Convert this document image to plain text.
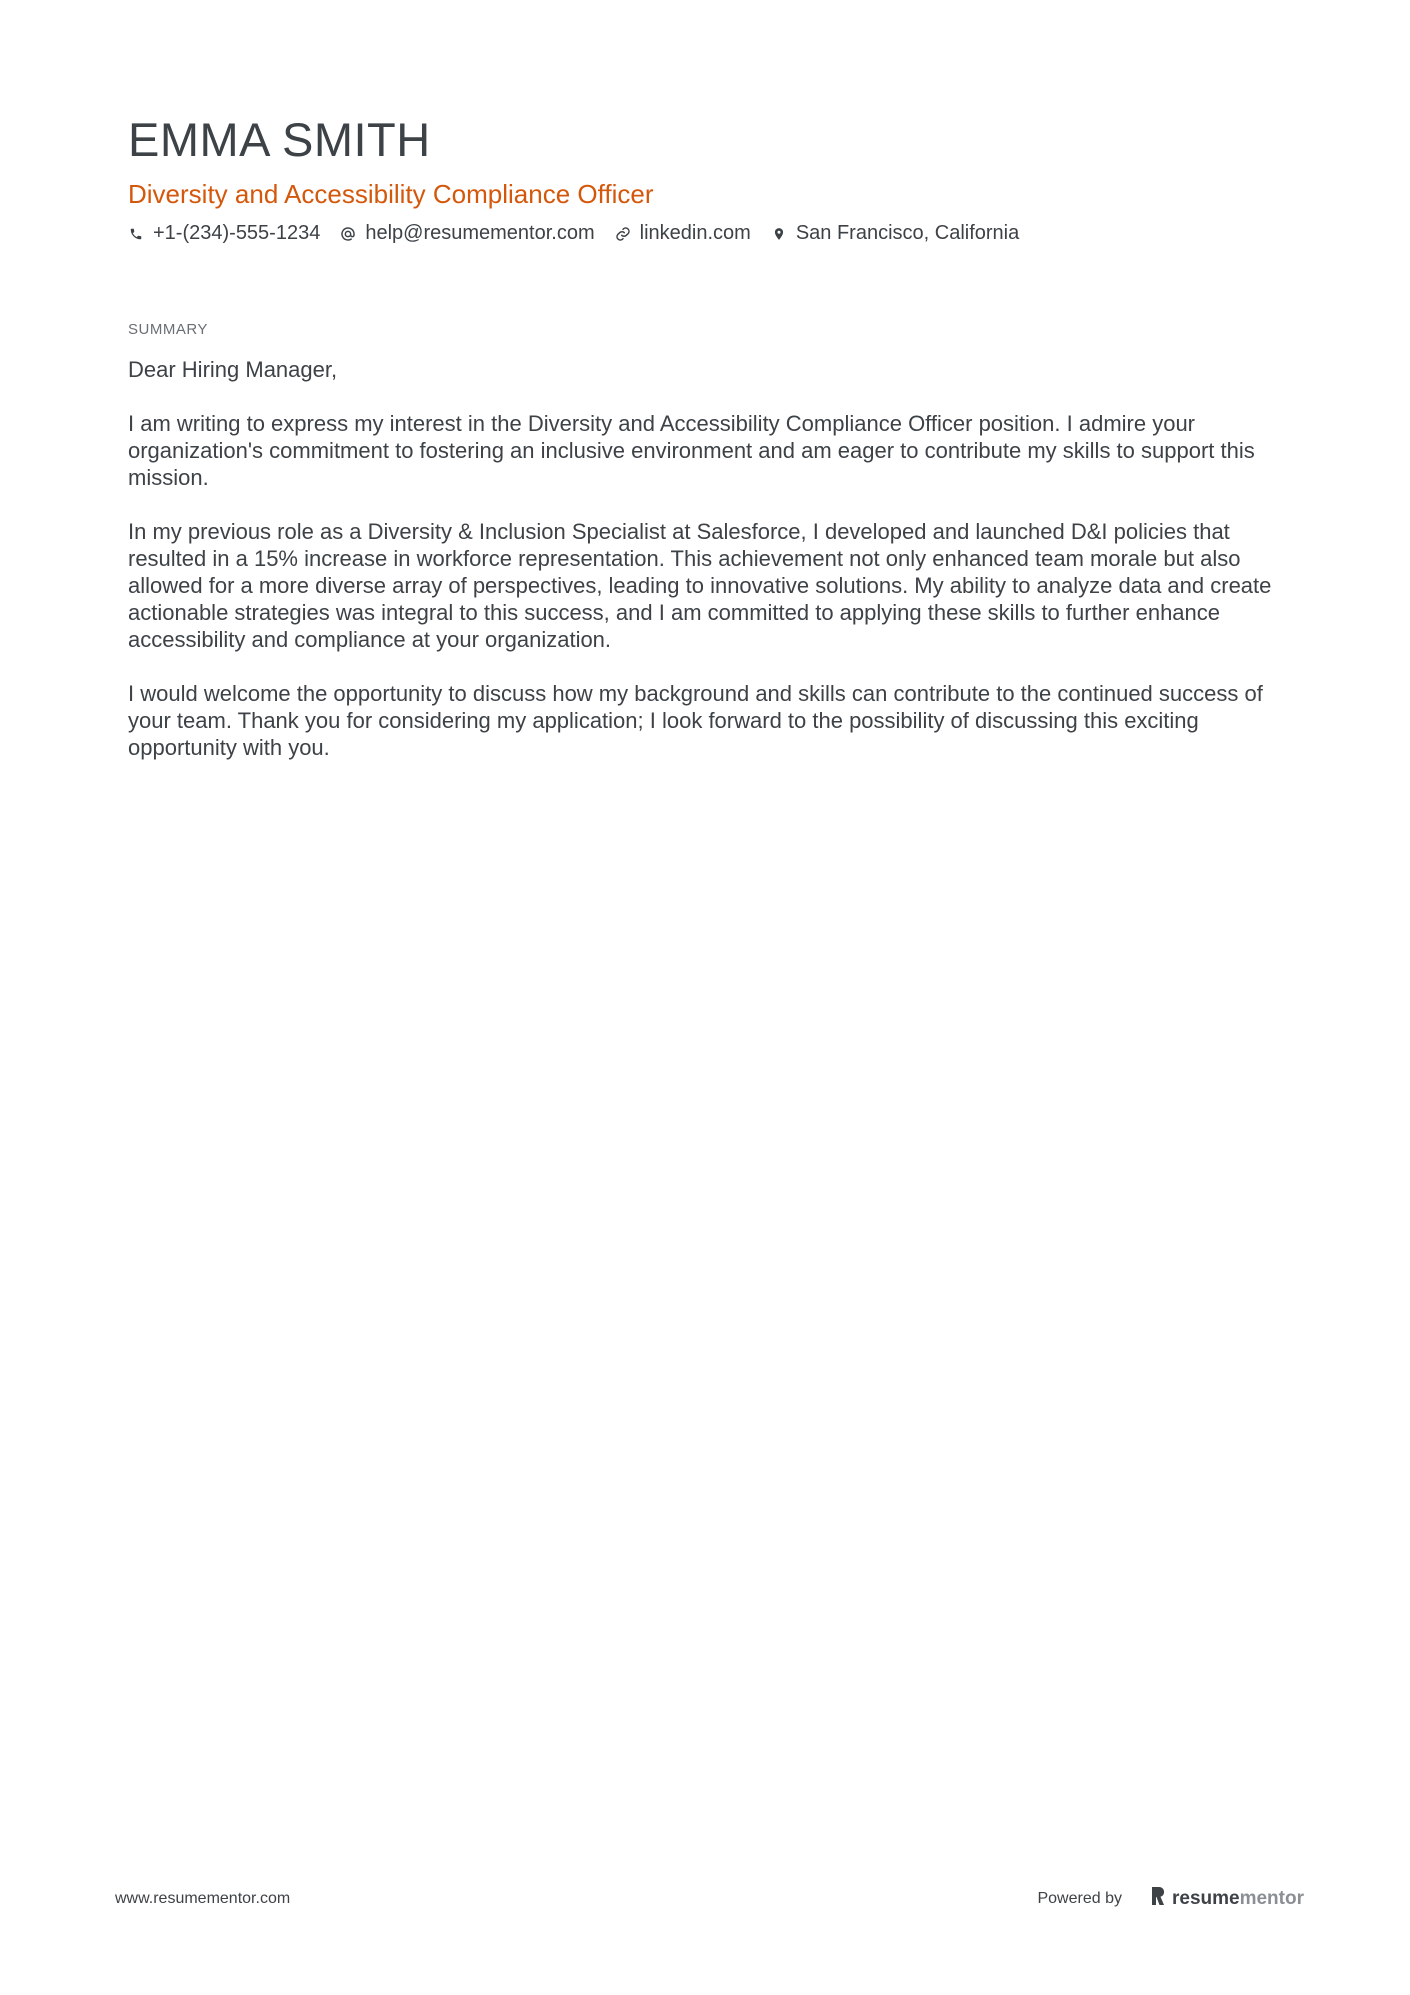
EMMA SMITH
Diversity and Accessibility Compliance Officer
+1-(234)-555-1234 help@resumementor.com linkedin.com San Francisco, California
SUMMARY

Dear Hiring Manager,

I am writing to express my interest in the Diversity and Accessibility Compliance Officer position. I admire your organization's commitment to fostering an inclusive environment and am eager to contribute my skills to support this mission.

In my previous role as a Diversity & Inclusion Specialist at Salesforce, I developed and launched D&I policies that resulted in a 15% increase in workforce representation. This achievement not only enhanced team morale but also allowed for a more diverse array of perspectives, leading to innovative solutions. My ability to analyze data and create actionable strategies was integral to this success, and I am committed to applying these skills to further enhance accessibility and compliance at your organization.

I would welcome the opportunity to discuss how my background and skills can contribute to the continued success of your team. Thank you for considering my application; I look forward to the possibility of discussing this exciting opportunity with you.

www.resumementor.com	Powered by	resume mentor
